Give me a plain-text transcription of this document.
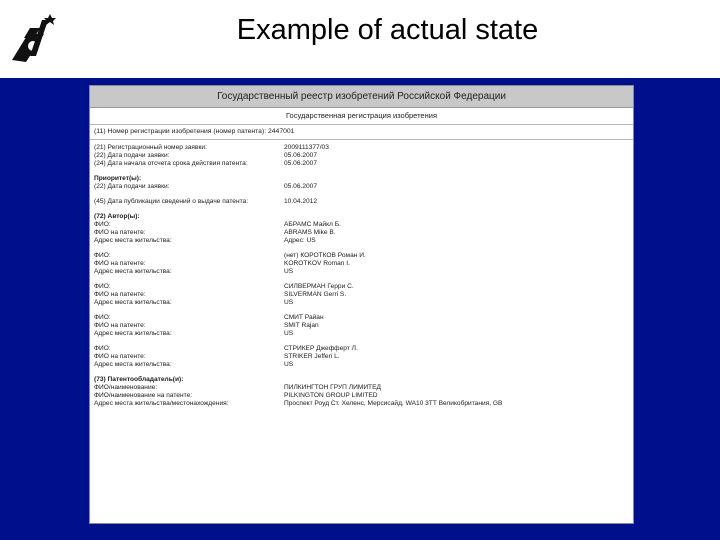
Example of actual state
Государственный реестр изобретений Российской Федерации
Государственная регистрация изобретения
(11) Номер регистрации изобретения (номер патента): 2447001
(21) Регистрационный номер заявки:	2009111377/03
(22) Дата подачи заявки:	05.06.2007
(24) Дата начала отсчета срока действия патента:	05.06.2007
Приоритет(ы):
(22) Дата подачи заявки:	05.06.2007
(45) Дата публикации сведений о выдаче патента:	10.04.2012
(72) Автор(ы):
ФИО:	АБРАМС Майкл Б.
ФИО на патенте:	ABRAMS Mike B.
Адрес места жительства:	Адрес: US
ФИО:	(нет) КОРОТКОВ Роман И.
ФИО на патенте:	KOROTKOV Roman I.
Адрес места жительства:	US
ФИО:	СИЛВЕРМАН Герри С.
ФИО на патенте:	SILVERMAN Gerri S.
Адрес места жительства:	US
ФИО:	СМИТ Райан
ФИО на патенте:	SMIT Rajan
Адрес места жительства:	US
ФИО:	СТРИКЕР Джефферт Л.
ФИО на патенте:	STRIKER Jefferi L.
Адрес места жительства:	US
(73) Патентообладатель(и):
ФИО/наименование:	ПИЛКИНГТОН ГРУП ЛИМИТЕД
ФИО/наименование на патенте:	PILKINGTON GROUP LIMITED
Адрес места жительства/местонахождения:	Проспект Роуд Ст. Хеленс, Мерсисайд, WA10 3TT Великобритания, GB
